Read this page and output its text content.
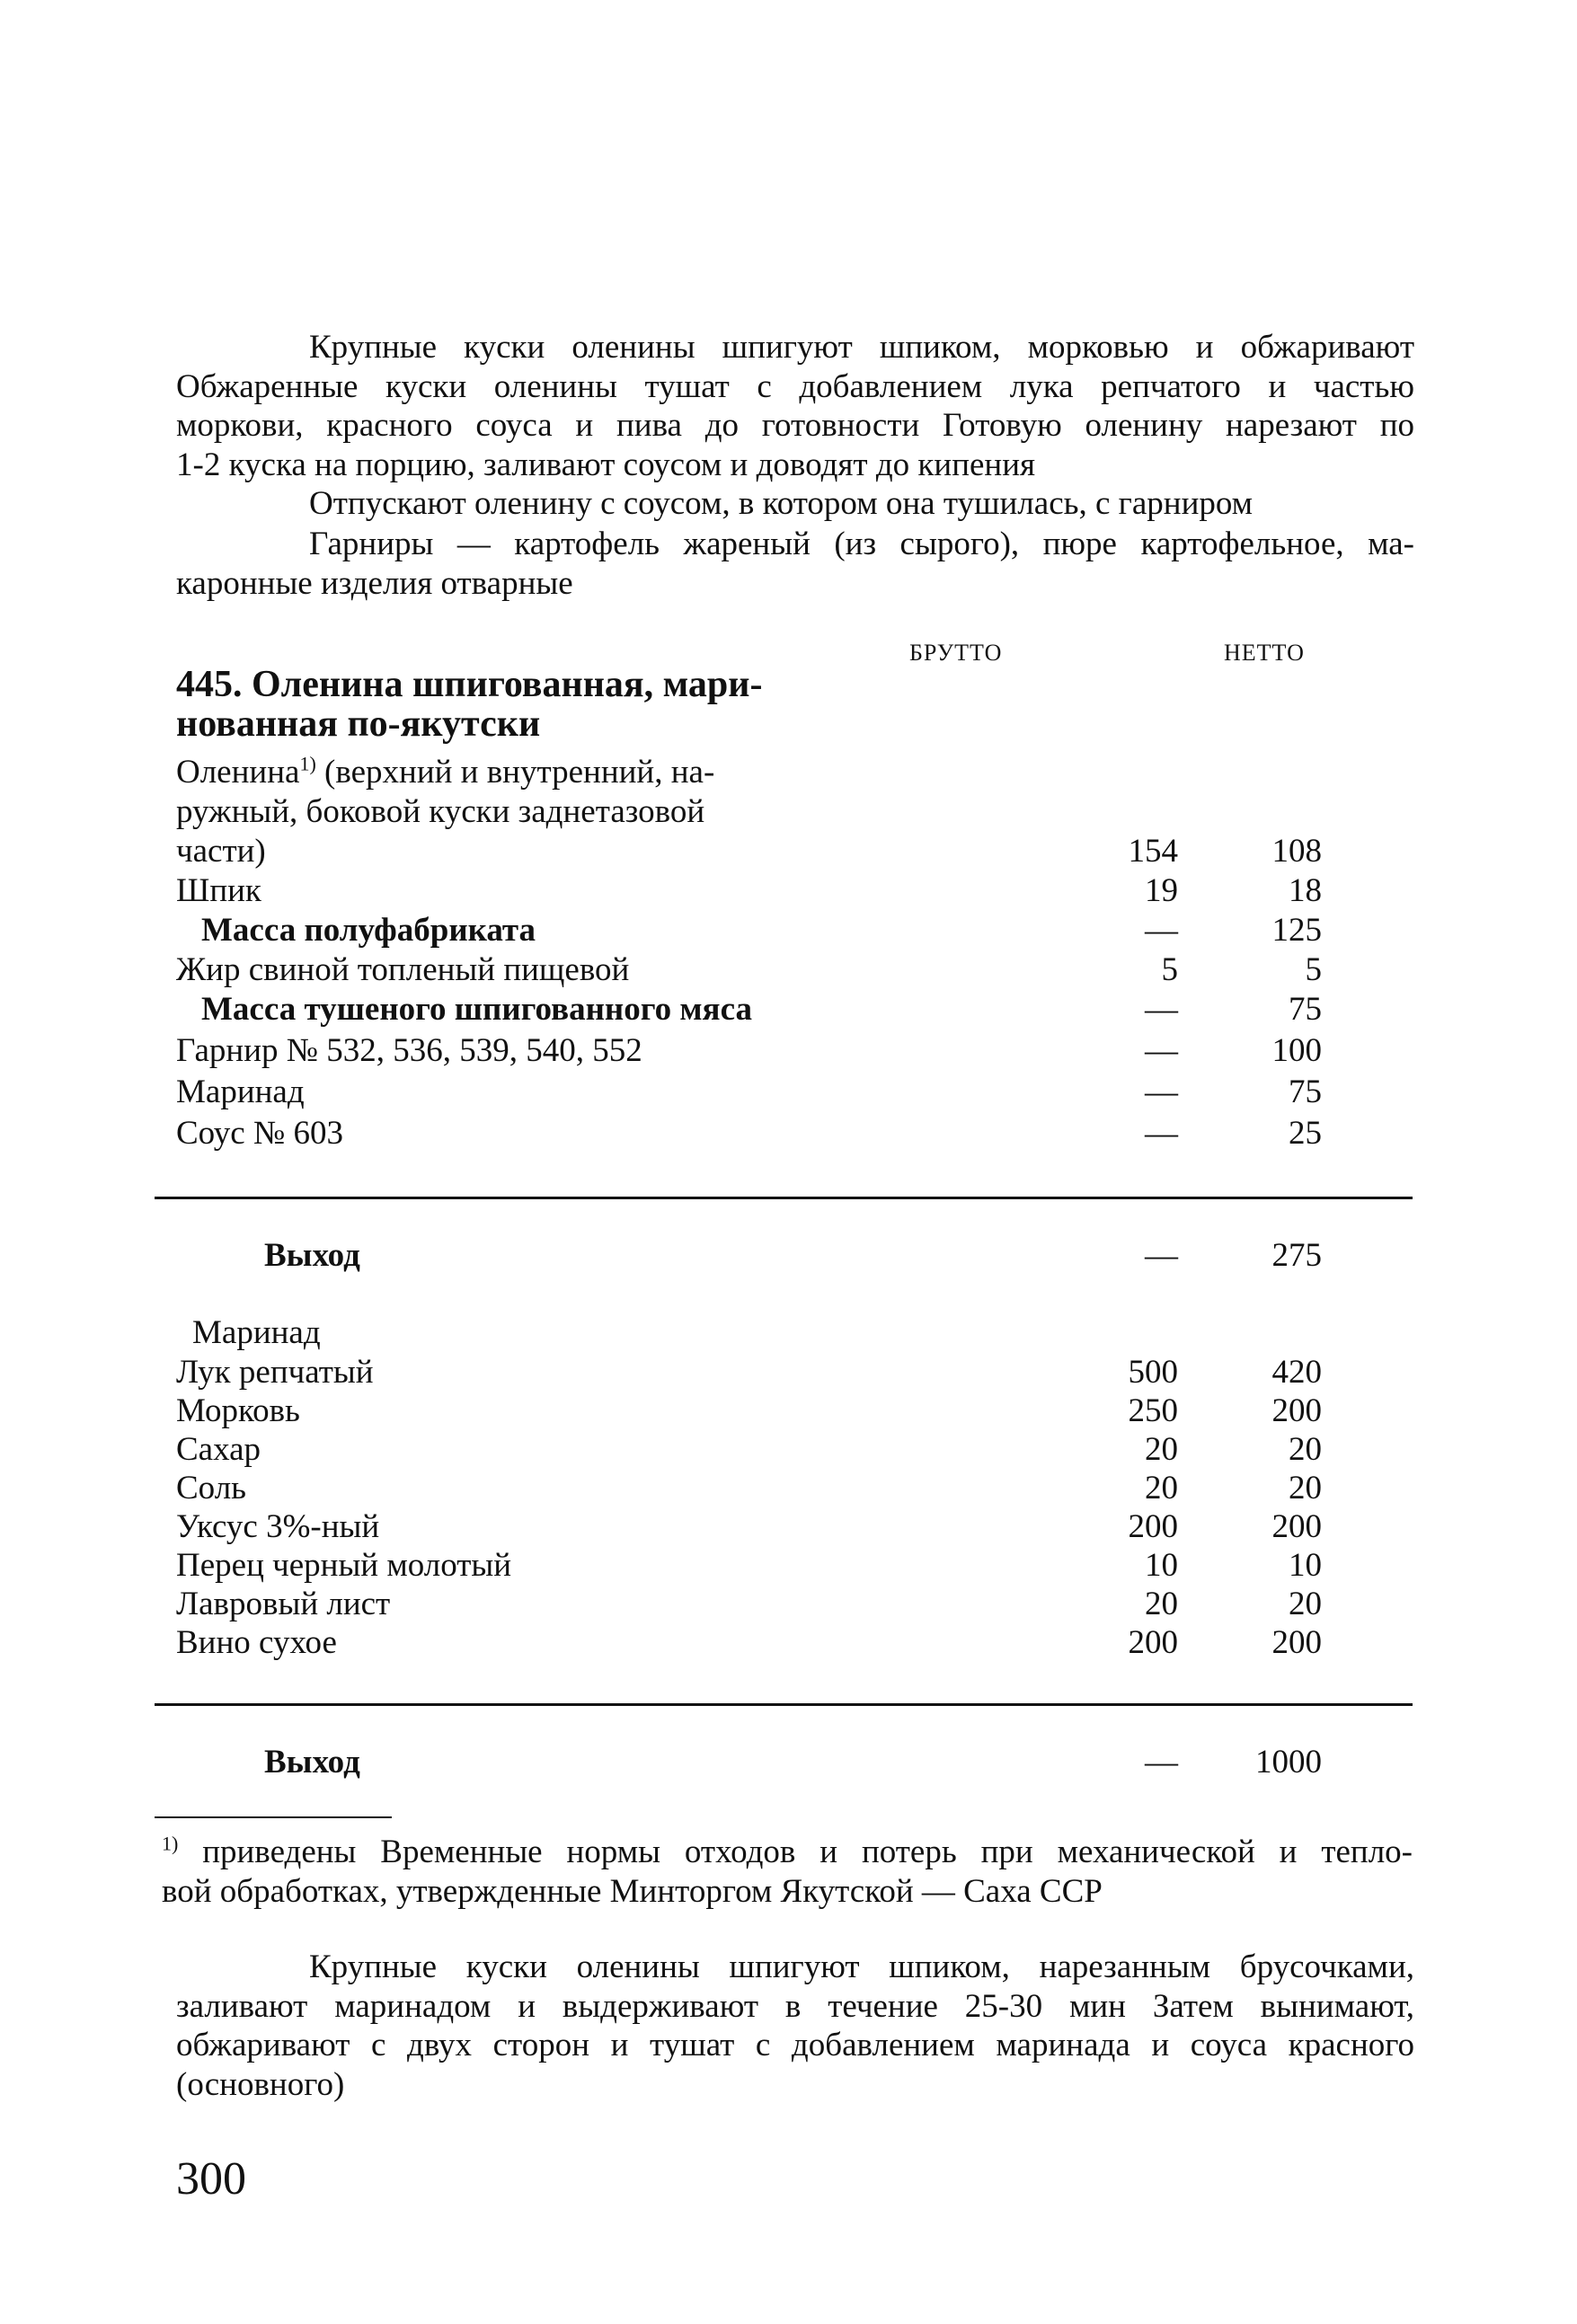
Крупные куски оленины шпигуют шпиком, морковью и обжаривают
Обжаренные куски оленины тушат с добавлением лука репчатого и частью
моркови, красного соуса и пива до готовности Готовую оленину нарезают по
1-2 куска на порцию, заливают соусом и доводят до кипения

Отпускают оленину с соусом, в котором она тушилась, с гарниром

Гарниры — картофель жареный (из сырого), пюре картофельное, ма-
каронные изделия отварные

БРУТТО	НЕТТО
445. Оленина шпигованная, мари-
нованная по-якутски
Оленина$^{1)}$ (верхний и внутренний, на-
ружный, боковой куски заднетазовой
части)	154	108
Шпик	19	18
Масса полуфабриката	—	125
Жир свиной топленый пищевой	5	5
Масса тушеного шпигованного мяса	—	75
Гарнир № 532, 536, 539, 540, 552	—	100
Маринад	—	75
Соус № 603	—	25
Выход	—	275
Маринад
Лук репчатый	500	420
Морковь	250	200
Сахар	20	20
Соль	20	20
Уксус 3%-ный	200	200
Перец черный молотый	10	10
Лавровый лист	20	20
Вино сухое	200	200
Выход	—	1000

$^{1)}$ приведены Временные нормы отходов и потерь при механической и тепло-
вой обработках, утвержденные Минторгом Якутской — Саха ССР

Крупные куски оленины шпигуют шпиком, нарезанным брусочками,
заливают маринадом и выдерживают в течение 25-30 мин Затем вынимают,
обжаривают с двух сторон и тушат с добавлением маринада и соуса красного
(основного)

300
